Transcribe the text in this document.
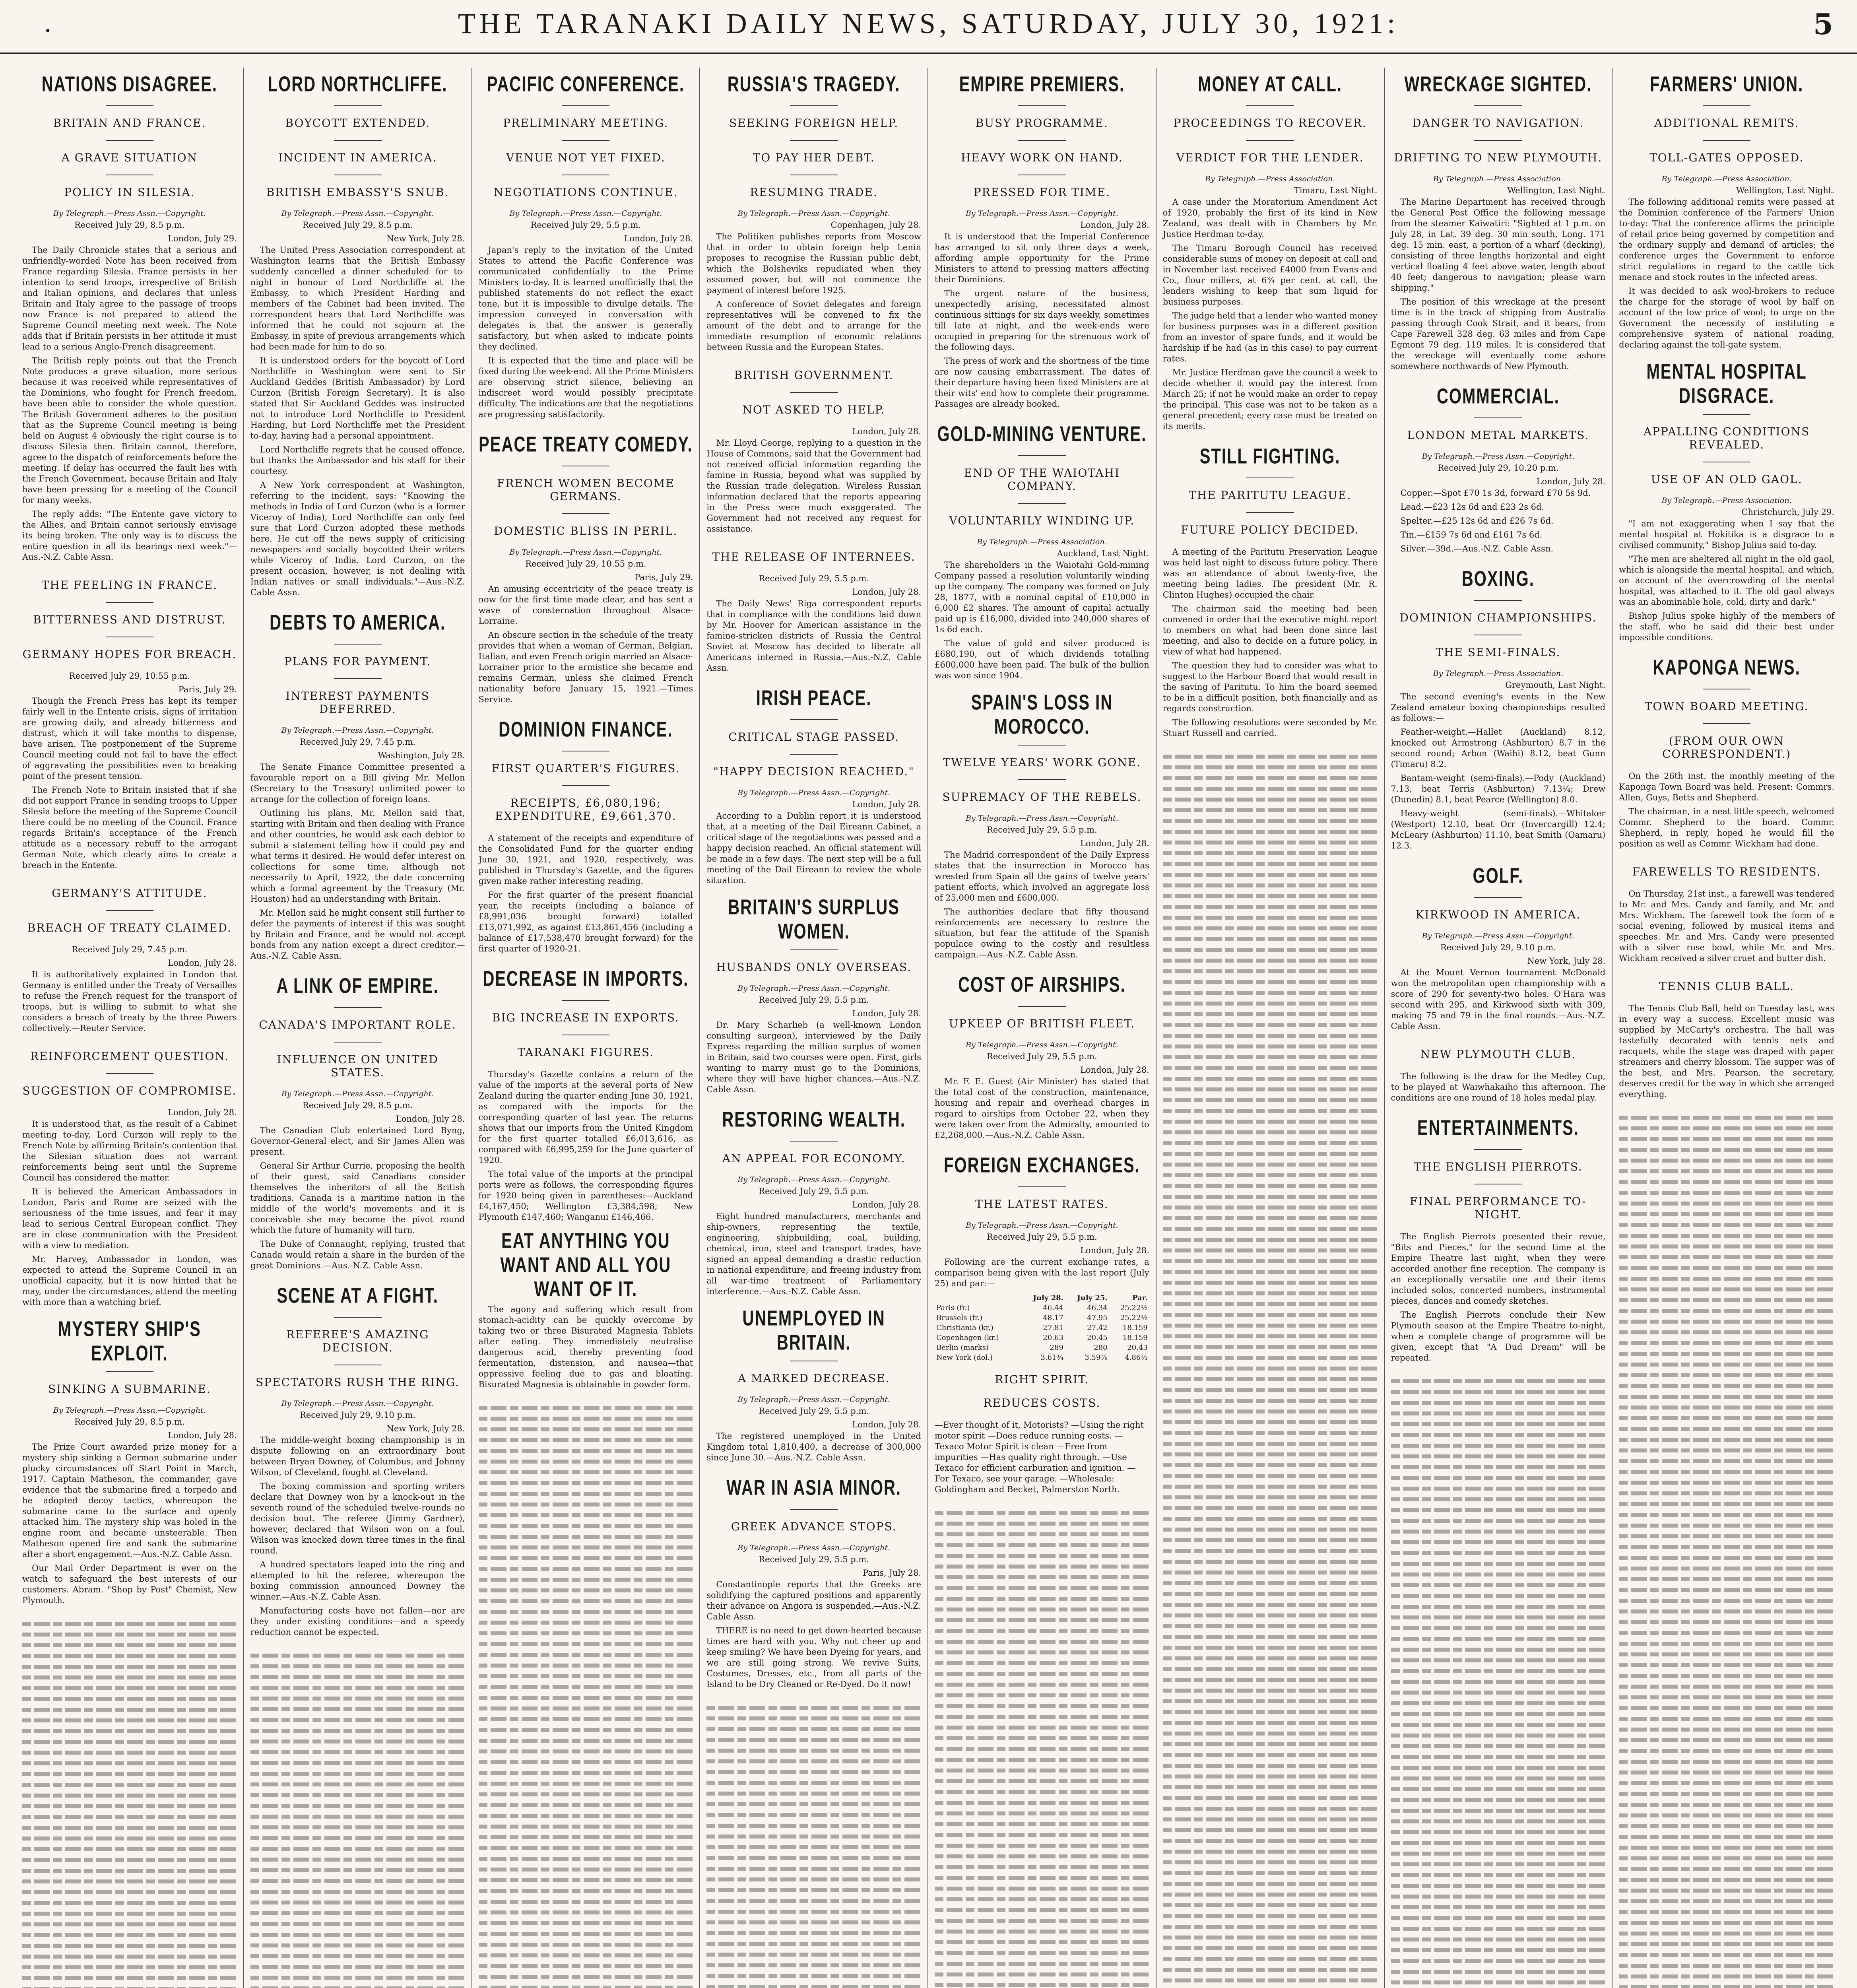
.	THE TARANAKI DAILY NEWS, SATURDAY, JULY 30, 1921:	5
NATIONS DISAGREE.
BRITAIN AND FRANCE.
A GRAVE SITUATION
POLICY IN SILESIA.
By Telegraph.—Press Assn.—Copyright.
Received July 29, 8.5 p.m.
London, July 29.

The Daily Chronicle states that a serious and unfriendly-worded Note has been received from France regarding Silesia. France persists in her intention to send troops, irrespective of British and Italian opinions, and declares that unless Britain and Italy agree to the passage of troops now France is not prepared to attend the Supreme Council meeting next week. The Note adds that if Britain persists in her attitude it must lead to a serious Anglo-French disagreement.

The British reply points out that the French Note produces a grave situation, more serious because it was received while representatives of the Dominions, who fought for French freedom, have been able to consider the whole question. The British Government adheres to the position that as the Supreme Council meeting is being held on August 4 obviously the right course is to discuss Silesia then. Britain cannot, therefore, agree to the dispatch of reinforcements before the meeting. If delay has occurred the fault lies with the French Government, because Britain and Italy have been pressing for a meeting of the Council for many weeks.

The reply adds: "The Entente gave victory to the Allies, and Britain cannot seriously envisage its being broken. The only way is to discuss the entire question in all its bearings next week."—Aus.-N.Z. Cable Assn.

THE FEELING IN FRANCE.
BITTERNESS AND DISTRUST.
GERMANY HOPES FOR BREACH.
Received July 29, 10.55 p.m.
Paris, July 29.

Though the French Press has kept its temper fairly well in the Entente crisis, signs of irritation are growing daily, and already bitterness and distrust, which it will take months to dispense, have arisen. The postponement of the Supreme Council meeting could not fail to have the effect of aggravating the possibilities even to breaking point of the present tension.

The French Note to Britain insisted that if she did not support France in sending troops to Upper Silesia before the meeting of the Supreme Council there could be no meeting of the Council. France regards Britain's acceptance of the French attitude as a necessary rebuff to the arrogant German Note, which clearly aims to create a breach in the Entente.

GERMANY'S ATTITUDE.
BREACH OF TREATY CLAIMED.
Received July 29, 7.45 p.m.
London, July 28.

It is authoritatively explained in London that Germany is entitled under the Treaty of Versailles to refuse the French request for the transport of troops, but is willing to submit to what she considers a breach of treaty by the three Powers collectively.—Reuter Service.

REINFORCEMENT QUESTION.
SUGGESTION OF COMPROMISE.
London, July 28.

It is understood that, as the result of a Cabinet meeting to-day, Lord Curzon will reply to the French Note by affirming Britain's contention that the Silesian situation does not warrant reinforcements being sent until the Supreme Council has considered the matter.

It is believed the American Ambassadors in London, Paris and Rome are seized with the seriousness of the time issues, and fear it may lead to serious Central European conflict. They are in close communication with the President with a view to mediation.

Mr. Harvey, Ambassador in London, was expected to attend the Supreme Council in an unofficial capacity, but it is now hinted that he may, under the circumstances, attend the meeting with more than a watching brief.

MYSTERY SHIP'S EXPLOIT.
SINKING A SUBMARINE.
By Telegraph.—Press Assn.—Copyright.
Received July 29, 8.5 p.m.
London, July 28.

The Prize Court awarded prize money for a mystery ship sinking a German submarine under plucky circumstances off Start Point in March, 1917. Captain Matheson, the commander, gave evidence that the submarine fired a torpedo and he adopted decoy tactics, whereupon the submarine came to the surface and openly attacked him. The mystery ship was holed in the engine room and became unsteerable. Then Matheson opened fire and sank the submarine after a short engagement.—Aus.-N.Z. Cable Assn.

Our Mail Order Department is ever on the watch to safeguard the best interests of our customers. Abram. "Shop by Post" Chemist, New Plymouth.

LORD NORTHCLIFFE.
BOYCOTT EXTENDED.
INCIDENT IN AMERICA.
BRITISH EMBASSY'S SNUB.
By Telegraph.—Press Assn.—Copyright.
Received July 29, 8.5 p.m.
New York, July 28.

The United Press Association correspondent at Washington learns that the British Embassy suddenly cancelled a dinner scheduled for to-night in honour of Lord Northcliffe at the Embassy, to which President Harding and members of the Cabinet had been invited. The correspondent hears that Lord Northcliffe was informed that he could not sojourn at the Embassy, in spite of previous arrangements which had been made for him to do so.

It is understood orders for the boycott of Lord Northcliffe in Washington were sent to Sir Auckland Geddes (British Ambassador) by Lord Curzon (British Foreign Secretary). It is also stated that Sir Auckland Geddes was instructed not to introduce Lord Northcliffe to President Harding, but Lord Northcliffe met the President to-day, having had a personal appointment.

Lord Northcliffe regrets that he caused offence, but thanks the Ambassador and his staff for their courtesy.

A New York correspondent at Washington, referring to the incident, says: "Knowing the methods in India of Lord Curzon (who is a former Viceroy of India), Lord Northcliffe can only feel sure that Lord Curzon adopted these methods here. He cut off the news supply of criticising newspapers and socially boycotted their writers while Viceroy of India. Lord Curzon, on the present occasion, however, is not dealing with Indian natives or small individuals."—Aus.-N.Z. Cable Assn.

DEBTS TO AMERICA.
PLANS FOR PAYMENT.
INTEREST PAYMENTS DEFERRED.
By Telegraph.—Press Assn.—Copyright.
Received July 29, 7.45 p.m.
Washington, July 28.

The Senate Finance Committee presented a favourable report on a Bill giving Mr. Mellon (Secretary to the Treasury) unlimited power to arrange for the collection of foreign loans.

Outlining his plans, Mr. Mellon said that, starting with Britain and then dealing with France and other countries, he would ask each debtor to submit a statement telling how it could pay and what terms it desired. He would defer interest on collections for some time, although not necessarily to April, 1922, the date concerning which a formal agreement by the Treasury (Mr. Houston) had an understanding with Britain.

Mr. Mellon said he might consent still further to defer the payments of interest if this was sought by Britain and France, and he would not accept bonds from any nation except a direct creditor.—Aus.-N.Z. Cable Assn.

A LINK OF EMPIRE.
CANADA'S IMPORTANT ROLE.
INFLUENCE ON UNITED STATES.
By Telegraph.—Press Assn.—Copyright.
Received July 29, 8.5 p.m.
London, July 28.

The Canadian Club entertained Lord Byng, Governor-General elect, and Sir James Allen was present.

General Sir Arthur Currie, proposing the health of their guest, said Canadians consider themselves the inheritors of all the British traditions. Canada is a maritime nation in the middle of the world's movements and it is conceivable she may become the pivot round which the future of humanity will turn.

The Duke of Connaught, replying, trusted that Canada would retain a share in the burden of the great Dominions.—Aus.-N.Z. Cable Assn.

SCENE AT A FIGHT.
REFEREE'S AMAZING DECISION.
SPECTATORS RUSH THE RING.
By Telegraph.—Press Assn.—Copyright.
Received July 29, 9.10 p.m.
New York, July 28.

The middle-weight boxing championship is in dispute following on an extraordinary bout between Bryan Downey, of Columbus, and Johnny Wilson, of Cleveland, fought at Cleveland.

The boxing commission and sporting writers declare that Downey won by a knock-out in the seventh round of the scheduled twelve-rounds no decision bout. The referee (Jimmy Gardner), however, declared that Wilson won on a foul. Wilson was knocked down three times in the final round.

A hundred spectators leaped into the ring and attempted to hit the referee, whereupon the boxing commission announced Downey the winner.—Aus.-N.Z. Cable Assn.

Manufacturing costs have not fallen—nor are they under existing conditions—and a speedy reduction cannot be expected.

PACIFIC CONFERENCE.
PRELIMINARY MEETING.
VENUE NOT YET FIXED.
NEGOTIATIONS CONTINUE.
By Telegraph.—Press Assn.—Copyright.
Received July 29, 5.5 p.m.
London, July 28.

Japan's reply to the invitation of the United States to attend the Pacific Conference was communicated confidentially to the Prime Ministers to-day. It is learned unofficially that the published statements do not reflect the exact tone, but it is impossible to divulge details. The impression conveyed in conversation with delegates is that the answer is generally satisfactory, but when asked to indicate points they declined.

It is expected that the time and place will be fixed during the week-end. All the Prime Ministers are observing strict silence, believing an indiscreet word would possibly precipitate difficulty. The indications are that the negotiations are progressing satisfactorily.

PEACE TREATY COMEDY.
FRENCH WOMEN BECOME GERMANS.
DOMESTIC BLISS IN PERIL.
By Telegraph.—Press Assn.—Copyright.
Received July 29, 10.55 p.m.
Paris, July 29.

An amusing eccentricity of the peace treaty is now for the first time made clear, and has sent a wave of consternation throughout Alsace-Lorraine.

An obscure section in the schedule of the treaty provides that when a woman of German, Belgian, Italian, and even French origin married an Alsace-Lorrainer prior to the armistice she became and remains German, unless she claimed French nationality before January 15, 1921.—Times Service.

DOMINION FINANCE.
FIRST QUARTER'S FIGURES.
RECEIPTS, £6,080,196; EXPENDITURE, £9,661,370.

A statement of the receipts and expenditure of the Consolidated Fund for the quarter ending June 30, 1921, and 1920, respectively, was published in Thursday's Gazette, and the figures given make rather interesting reading.

For the first quarter of the present financial year, the receipts (including a balance of £8,991,036 brought forward) totalled £13,071,992, as against £13,861,456 (including a balance of £17,538,470 brought forward) for the first quarter of 1920-21.

DECREASE IN IMPORTS.
BIG INCREASE IN EXPORTS.
TARANAKI FIGURES.

Thursday's Gazette contains a return of the value of the imports at the several ports of New Zealand during the quarter ending June 30, 1921, as compared with the imports for the corresponding quarter of last year. The returns shows that our imports from the United Kingdom for the first quarter totalled £6,013,616, as compared with £6,995,259 for the June quarter of 1920.

The total value of the imports at the principal ports were as follows, the corresponding figures for 1920 being given in parentheses:—Auckland £4,167,450; Wellington £3,384,598; New Plymouth £147,460; Wanganui £146,466.

EAT ANYTHING YOU WANT AND ALL YOU WANT OF IT.

The agony and suffering which result from stomach-acidity can be quickly overcome by taking two or three Bisurated Magnesia Tablets after eating. They immediately neutralise dangerous acid, thereby preventing food fermentation, distension, and nausea—that oppressive feeling due to gas and bloating. Bisurated Magnesia is obtainable in powder form.

RUSSIA'S TRAGEDY.
SEEKING FOREIGN HELP.
TO PAY HER DEBT.
RESUMING TRADE.
By Telegraph.—Press Assn.—Copyright.
Copenhagen, July 28.

The Politiken publishes reports from Moscow that in order to obtain foreign help Lenin proposes to recognise the Russian public debt, which the Bolsheviks repudiated when they assumed power, but will not commence the payment of interest before 1925.

A conference of Soviet delegates and foreign representatives will be convened to fix the amount of the debt and to arrange for the immediate resumption of economic relations between Russia and the European States.

BRITISH GOVERNMENT.
NOT ASKED TO HELP.
London, July 28.

Mr. Lloyd George, replying to a question in the House of Commons, said that the Government had not received official information regarding the famine in Russia, beyond what was supplied by the Russian trade delegation. Wireless Russian information declared that the reports appearing in the Press were much exaggerated. The Government had not received any request for assistance.

THE RELEASE OF INTERNEES.
Received July 29, 5.5 p.m.
London, July 28.

The Daily News' Riga correspondent reports that in compliance with the conditions laid down by Mr. Hoover for American assistance in the famine-stricken districts of Russia the Central Soviet at Moscow has decided to liberate all Americans interned in Russia.—Aus.-N.Z. Cable Assn.

IRISH PEACE.
CRITICAL STAGE PASSED.
"HAPPY DECISION REACHED."
By Telegraph.—Press Assn.—Copyright.
London, July 28.

According to a Dublin report it is understood that, at a meeting of the Dail Eireann Cabinet, a critical stage of the negotiations was passed and a happy decision reached. An official statement will be made in a few days. The next step will be a full meeting of the Dail Eireann to review the whole situation.

BRITAIN'S SURPLUS WOMEN.
HUSBANDS ONLY OVERSEAS.
By Telegraph.—Press Assn.—Copyright.
Received July 29, 5.5 p.m.
London, July 28.

Dr. Mary Scharlieb (a well-known London consulting surgeon), interviewed by the Daily Express regarding the million surplus of women in Britain, said two courses were open. First, girls wanting to marry must go to the Dominions, where they will have higher chances.—Aus.-N.Z. Cable Assn.

RESTORING WEALTH.
AN APPEAL FOR ECONOMY.
By Telegraph.—Press Assn.—Copyright.
Received July 29, 5.5 p.m.
London, July 28.

Eight hundred manufacturers, merchants and ship-owners, representing the textile, engineering, shipbuilding, coal, building, chemical, iron, steel and transport trades, have signed an appeal demanding a drastic reduction in national expenditure, and freeing industry from all war-time treatment of Parliamentary interference.—Aus.-N.Z. Cable Assn.

UNEMPLOYED IN BRITAIN.
A MARKED DECREASE.
By Telegraph.—Press Assn.—Copyright.
Received July 29, 5.5 p.m.
London, July 28.

The registered unemployed in the United Kingdom total 1,810,400, a decrease of 300,000 since June 30.—Aus.-N.Z. Cable Assn.

WAR IN ASIA MINOR.
GREEK ADVANCE STOPS.
By Telegraph.—Press Assn.—Copyright.
Received July 29, 5.5 p.m.
Paris, July 28.

Constantinople reports that the Greeks are solidifying the captured positions and apparently their advance on Angora is suspended.—Aus.-N.Z. Cable Assn.

THERE is no need to get down-hearted because times are hard with you. Why not cheer up and keep smiling? We have been Dyeing for years, and we are still going strong. We revive Suits, Costumes, Dresses, etc., from all parts of the Island to be Dry Cleaned or Re-Dyed. Do it now!

EMPIRE PREMIERS.
BUSY PROGRAMME.
HEAVY WORK ON HAND.
PRESSED FOR TIME.
By Telegraph.—Press Assn.—Copyright.
London, July 28.

It is understood that the Imperial Conference has arranged to sit only three days a week, affording ample opportunity for the Prime Ministers to attend to pressing matters affecting their Dominions.

The urgent nature of the business, unexpectedly arising, necessitated almost continuous sittings for six days weekly, sometimes till late at night, and the week-ends were occupied in preparing for the strenuous work of the following days.

The press of work and the shortness of the time are now causing embarrassment. The dates of their departure having been fixed Ministers are at their wits' end how to complete their programme. Passages are already booked.

GOLD-MINING VENTURE.
END OF THE WAIOTAHI COMPANY.
VOLUNTARILY WINDING UP.
By Telegraph.—Press Association.
Auckland, Last Night.

The shareholders in the Waiotahi Gold-mining Company passed a resolution voluntarily winding up the company. The company was formed on July 28, 1877, with a nominal capital of £10,000 in 6,000 £2 shares. The amount of capital actually paid up is £16,000, divided into 240,000 shares of 1s 6d each.

The value of gold and silver produced is £680,190, out of which dividends totalling £600,000 have been paid. The bulk of the bullion was won since 1904.

SPAIN'S LOSS IN MOROCCO.
TWELVE YEARS' WORK GONE.
SUPREMACY OF THE REBELS.
By Telegraph.—Press Assn.—Copyright.
Received July 29, 5.5 p.m.
London, July 28.

The Madrid correspondent of the Daily Express states that the insurrection in Morocco has wrested from Spain all the gains of twelve years' patient efforts, which involved an aggregate loss of 25,000 men and £600,000.

The authorities declare that fifty thousand reinforcements are necessary to restore the situation, but fear the attitude of the Spanish populace owing to the costly and resultless campaign.—Aus.-N.Z. Cable Assn.

COST OF AIRSHIPS.
UPKEEP OF BRITISH FLEET.
By Telegraph.—Press Assn.—Copyright.
Received July 29, 5.5 p.m.
London, July 28.

Mr. F. E. Guest (Air Minister) has stated that the total cost of the construction, maintenance, housing and repair and overhead charges in regard to airships from October 22, when they were taken over from the Admiralty, amounted to £2,268,000.—Aus.-N.Z. Cable Assn.

FOREIGN EXCHANGES.
THE LATEST RATES.
By Telegraph.—Press Assn.—Copyright.
Received July 29, 5.5 p.m.
London, July 28.

Following are the current exchange rates, a comparison being given with the last report (July 25) and par:—

	July 28.	July 25.	Par.
Paris (fr.)	46.44	46.34	25.22½
Brussels (fr.)	48.17	47.95	25.22½
Christiania (kr.)	27.81	27.42	18.159
Copenhagen (kr.)	20.63	20.45	18.159
Berlin (marks)	289	280	20.43
New York (dol.)	3.61¾	3.59⅞	4.86⅔
RIGHT SPIRIT.
REDUCES COSTS.

—Ever thought of it, Motorists? —Using the right motor spirit —Does reduce running costs. —Texaco Motor Spirit is clean —Free from impurities —Has quality right through. —Use Texaco for efficient carburation and ignition. —For Texaco, see your garage. —Wholesale: Goldingham and Becket, Palmerston North.

MONEY AT CALL.
PROCEEDINGS TO RECOVER.
VERDICT FOR THE LENDER.
By Telegraph.—Press Association.
Timaru, Last Night.

A case under the Moratorium Amendment Act of 1920, probably the first of its kind in New Zealand, was dealt with in Chambers by Mr. Justice Herdman to-day.

The Timaru Borough Council has received considerable sums of money on deposit at call and in November last received £4000 from Evans and Co., flour millers, at 6¾ per cent. at call, the lenders wishing to keep that sum liquid for business purposes.

The judge held that a lender who wanted money for business purposes was in a different position from an investor of spare funds, and it would be hardship if he had (as in this case) to pay current rates.

Mr. Justice Herdman gave the council a week to decide whether it would pay the interest from March 25; if not he would make an order to repay the principal. This case was not to be taken as a general precedent; every case must be treated on its merits.

STILL FIGHTING.
THE PARITUTU LEAGUE.
FUTURE POLICY DECIDED.

A meeting of the Paritutu Preservation League was held last night to discuss future policy. There was an attendance of about twenty-five, the meeting being ladies. The president (Mr. R. Clinton Hughes) occupied the chair.

The chairman said the meeting had been convened in order that the executive might report to members on what had been done since last meeting, and also to decide on a future policy, in view of what had happened.

The question they had to consider was what to suggest to the Harbour Board that would result in the saving of Paritutu. To him the board seemed to be in a difficult position, both financially and as regards construction.

The following resolutions were seconded by Mr. Stuart Russell and carried.

WRECKAGE SIGHTED.
DANGER TO NAVIGATION.
DRIFTING TO NEW PLYMOUTH.
By Telegraph.—Press Association.
Wellington, Last Night.

The Marine Department has received through the General Post Office the following message from the steamer Kaiwatiri: "Sighted at 1 p.m. on July 28, in Lat. 39 deg. 30 min south, Long. 171 deg. 15 min. east, a portion of a wharf (decking), consisting of three lengths horizontal and eight vertical floating 4 feet above water, length about 40 feet; dangerous to navigation; please warn shipping."

The position of this wreckage at the present time is in the track of shipping from Australia passing through Cook Strait, and it bears, from Cape Farewell 328 deg. 63 miles and from Cape Egmont 79 deg. 119 miles. It is considered that the wreckage will eventually come ashore somewhere northwards of New Plymouth.

COMMERCIAL.
LONDON METAL MARKETS.
By Telegraph.—Press Assn.—Copyright.
Received July 29, 10.20 p.m.
London, July 28.

Copper.—Spot £70 1s 3d, forward £70 5s 9d.

Lead.—£23 12s 6d and £23 2s 6d.

Spelter.—£25 12s 6d and £26 7s 6d.

Tin.—£159 7s 6d and £161 7s 6d.

Silver.—39d.—Aus.-N.Z. Cable Assn.

BOXING.
DOMINION CHAMPIONSHIPS.
THE SEMI-FINALS.
By Telegraph.—Press Association.
Greymouth, Last Night.

The second evening's events in the New Zealand amateur boxing championships resulted as follows:—

Feather-weight.—Hallet (Auckland) 8.12, knocked out Armstrong (Ashburton) 8.7 in the second round; Arbon (Waihi) 8.12, beat Gunn (Timaru) 8.2.

Bantam-weight (semi-finals).—Pody (Auckland) 7.13, beat Terris (Ashburton) 7.13¼; Drew (Dunedin) 8.1, beat Pearce (Wellington) 8.0.

Heavy-weight (semi-finals).—Whitaker (Westport) 12.10, beat Orr (Invercargill) 12.4; McLeary (Ashburton) 11.10, beat Smith (Oamaru) 12.3.

GOLF.
KIRKWOOD IN AMERICA.
By Telegraph.—Press Assn.—Copyright.
Received July 29, 9.10 p.m.
New York, July 28.

At the Mount Vernon tournament McDonald won the metropolitan open championship with a score of 290 for seventy-two holes. O'Hara was second with 295, and Kirkwood sixth with 309, making 75 and 79 in the final rounds.—Aus.-N.Z. Cable Assn.

NEW PLYMOUTH CLUB.

The following is the draw for the Medley Cup, to be played at Waiwhakaiho this afternoon. The conditions are one round of 18 holes medal play.

ENTERTAINMENTS.
THE ENGLISH PIERROTS.
FINAL PERFORMANCE TO-NIGHT.

The English Pierrots presented their revue, "Bits and Pieces," for the second time at the Empire Theatre last night, when they were accorded another fine reception. The company is an exceptionally versatile one and their items included solos, concerted numbers, instrumental pieces, dances and comedy sketches.

The English Pierrots conclude their New Plymouth season at the Empire Theatre to-night, when a complete change of programme will be given, except that "A Dud Dream" will be repeated.

FARMERS' UNION.
ADDITIONAL REMITS.
TOLL-GATES OPPOSED.
By Telegraph.—Press Association.
Wellington, Last Night.

The following additional remits were passed at the Dominion conference of the Farmers' Union to-day: That the conference affirms the principle of retail price being governed by competition and the ordinary supply and demand of articles; the conference urges the Government to enforce strict regulations in regard to the cattle tick menace and stock routes in the infected areas.

It was decided to ask wool-brokers to reduce the charge for the storage of wool by half on account of the low price of wool; to urge on the Government the necessity of instituting a comprehensive system of national roading, declaring against the toll-gate system.

MENTAL HOSPITAL DISGRACE.
APPALLING CONDITIONS REVEALED.
USE OF AN OLD GAOL.
By Telegraph.—Press Association.
Christchurch, July 29.

"I am not exaggerating when I say that the mental hospital at Hokitika is a disgrace to a civilised community," Bishop Julius said to-day.

"The men are sheltered all night in the old gaol, which is alongside the mental hospital, and which, on account of the overcrowding of the mental hospital, was attached to it. The old gaol always was an abominable hole, cold, dirty and dark."

Bishop Julius spoke highly of the members of the staff, who he said did their best under impossible conditions.

KAPONGA NEWS.
TOWN BOARD MEETING.
(FROM OUR OWN CORRESPONDENT.)

On the 26th inst. the monthly meeting of the Kaponga Town Board was held. Present: Commrs. Allen, Guys, Betts and Shepherd.

The chairman, in a neat little speech, welcomed Commr. Shepherd to the board. Commr. Shepherd, in reply, hoped he would fill the position as well as Commr. Wickham had done.

FAREWELLS TO RESIDENTS.

On Thursday, 21st inst., a farewell was tendered to Mr. and Mrs. Candy and family, and Mr. and Mrs. Wickham. The farewell took the form of a social evening, followed by musical items and speeches. Mr. and Mrs. Candy were presented with a silver rose bowl, while Mr. and Mrs. Wickham received a silver cruet and butter dish.

TENNIS CLUB BALL.

The Tennis Club Ball, held on Tuesday last, was in every way a success. Excellent music was supplied by McCarty's orchestra. The hall was tastefully decorated with tennis nets and racquets, while the stage was draped with paper streamers and cherry blossom. The supper was of the best, and Mrs. Pearson, the secretary, deserves credit for the way in which she arranged everything.
